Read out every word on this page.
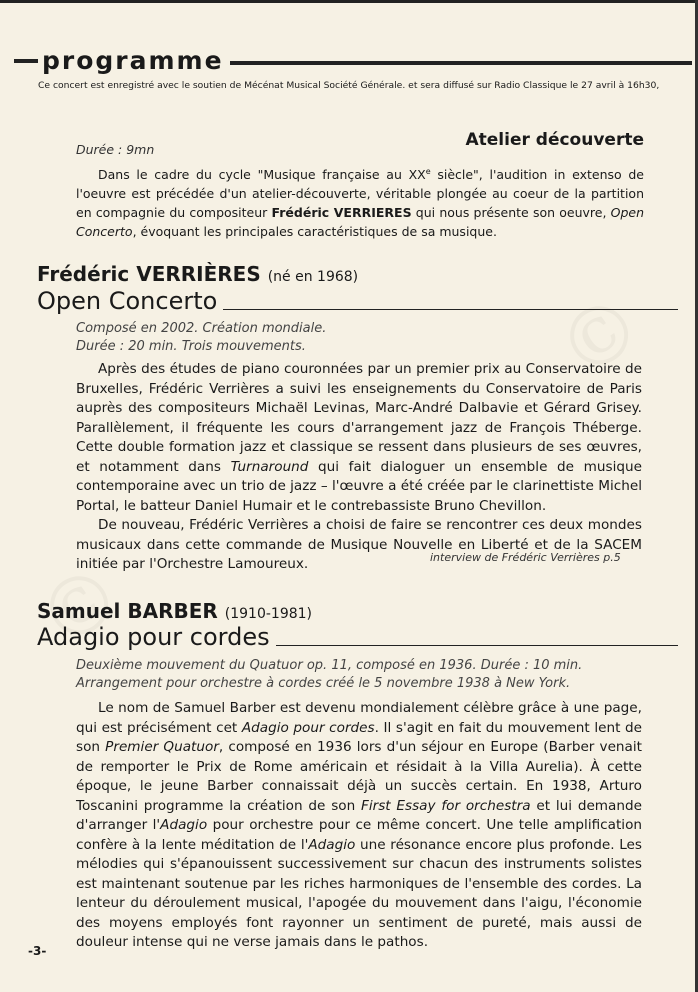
programme
Ce concert est enregistré avec le soutien de Mécénat Musical Société Générale. et sera diffusé sur Radio Classique le 27 avril à 16h30,
Atelier découverte
Durée : 9mn

Dans le cadre du cycle "Musique française au XXe siècle", l'audition in extenso de l'oeuvre est précédée d'un atelier-découverte, véritable plongée au coeur de la partition en compagnie du compositeur Frédéric VERRIERES qui nous présente son oeuvre, Open Concerto, évoquant les principales caractéristiques de sa musique.

Frédéric VERRIÈRES (né en 1968)
Open Concerto
Composé en 2002. Création mondiale.
Durée : 20 min. Trois mouvements.

Après des études de piano couronnées par un premier prix au Conservatoire de Bruxelles, Frédéric Verrières a suivi les enseignements du Conservatoire de Paris auprès des compositeurs Michaël Levinas, Marc-André Dalbavie et Gérard Grisey. Parallèlement, il fréquente les cours d'arrangement jazz de François Théberge. Cette double formation jazz et classique se ressent dans plusieurs de ses œuvres, et notamment dans Turnaround qui fait dialoguer un ensemble de musique contemporaine avec un trio de jazz – l'œuvre a été créée par le clarinettiste Michel Portal, le batteur Daniel Humair et le contrebassiste Bruno Chevillon.

De nouveau, Frédéric Verrières a choisi de faire se rencontrer ces deux mondes musicaux dans cette commande de Musique Nouvelle en Liberté et de la SACEM initiée par l'Orchestre Lamoureux.	interview de Frédéric Verrières p.5
Samuel BARBER (1910-1981)
Adagio pour cordes
Deuxième mouvement du Quatuor op. 11, composé en 1936. Durée : 10 min.
Arrangement pour orchestre à cordes créé le 5 novembre 1938 à New York.

Le nom de Samuel Barber est devenu mondialement célèbre grâce à une page, qui est précisément cet Adagio pour cordes. Il s'agit en fait du mouvement lent de son Premier Quatuor, composé en 1936 lors d'un séjour en Europe (Barber venait de remporter le Prix de Rome américain et résidait à la Villa Aurelia). À cette époque, le jeune Barber connaissait déjà un succès certain. En 1938, Arturo Toscanini programme la création de son First Essay for orchestra et lui demande d'arranger l'Adagio pour orchestre pour ce même concert. Une telle amplification confère à la lente méditation de l'Adagio une résonance encore plus profonde. Les mélodies qui s'épanouissent successivement sur chacun des instruments solistes est maintenant soutenue par les riches harmoniques de l'ensemble des cordes. La lenteur du déroulement musical, l'apogée du mouvement dans l'aigu, l'économie des moyens employés font rayonner un sentiment de pureté, mais aussi de douleur intense qui ne verse jamais dans le pathos.

-3-
